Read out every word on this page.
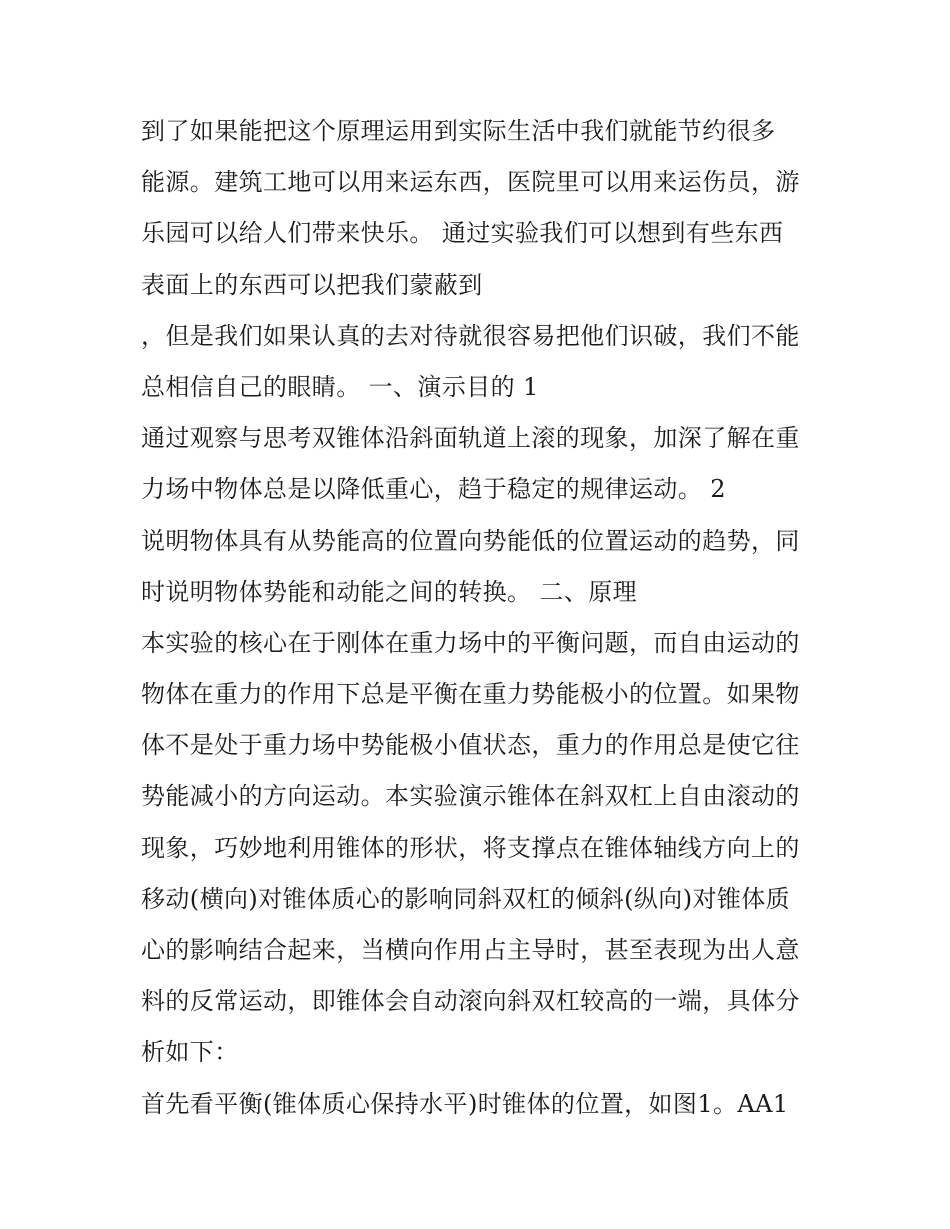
到了如果能把这个原理运用到实际生活中我们就能节约很多
能源。建筑工地可以用来运东西，医院里可以用来运伤员，游
乐园可以给人们带来快乐。 通过实验我们可以想到有些东西
表面上的东西可以把我们蒙蔽到
，但是我们如果认真的去对待就很容易把他们识破，我们不能
总相信自己的眼睛。 一、演示目的 1
通过观察与思考双锥体沿斜面轨道上滚的现象，加深了解在重
力场中物体总是以降低重心，趋于稳定的规律运动。 2
说明物体具有从势能高的位置向势能低的位置运动的趋势，同
时说明物体势能和动能之间的转换。 二、原理
本实验的核心在于刚体在重力场中的平衡问题，而自由运动的
物体在重力的作用下总是平衡在重力势能极小的位置。如果物
体不是处于重力场中势能极小值状态，重力的作用总是使它往
势能减小的方向运动。本实验演示锥体在斜双杠上自由滚动的
现象，巧妙地利用锥体的形状，将支撑点在锥体轴线方向上的
移动(横向)对锥体质心的影响同斜双杠的倾斜(纵向)对锥体质
心的影响结合起来，当横向作用占主导时，甚至表现为出人意
料的反常运动，即锥体会自动滚向斜双杠较高的一端，具体分
析如下：
首先看平衡(锥体质心保持水平)时锥体的位置，如图1。AA1
